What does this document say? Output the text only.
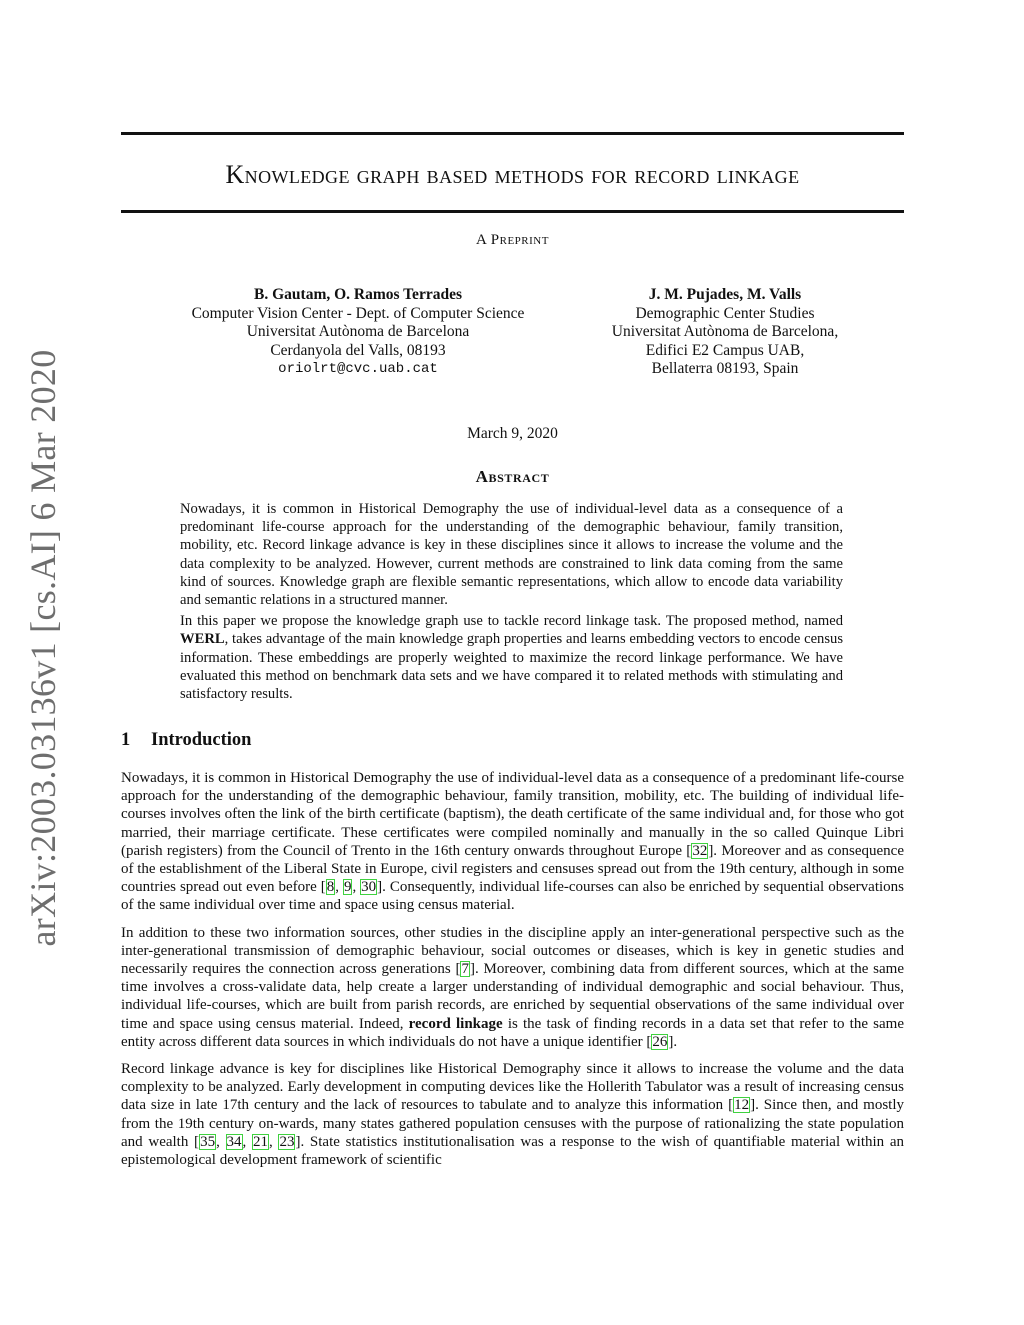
arXiv:2003.03136v1 [cs.AI] 6 Mar 2020
Knowledge graph based methods for record linkage
A Preprint
B. Gautam, O. Ramos Terrades
Computer Vision Center - Dept. of Computer Science
Universitat Autònoma de Barcelona
Cerdanyola del Valls, 08193
oriolrt@cvc.uab.cat
J. M. Pujades, M. Valls
Demographic Center Studies
Universitat Autònoma de Barcelona,
Edifici E2 Campus UAB,
Bellaterra 08193, Spain
March 9, 2020
Abstract

Nowadays, it is common in Historical Demography the use of individual-level data as a consequence of a predominant life-course approach for the understanding of the demographic behaviour, family transition, mobility, etc. Record linkage advance is key in these disciplines since it allows to increase the volume and the data complexity to be analyzed. However, current methods are constrained to link data coming from the same kind of sources. Knowledge graph are flexible semantic representations, which allow to encode data variability and semantic relations in a structured manner.

In this paper we propose the knowledge graph use to tackle record linkage task. The proposed method, named WERL, takes advantage of the main knowledge graph properties and learns embedding vectors to encode census information. These embeddings are properly weighted to maximize the record linkage performance. We have evaluated this method on benchmark data sets and we have compared it to related methods with stimulating and satisfactory results.

1 Introduction

Nowadays, it is common in Historical Demography the use of individual-level data as a consequence of a predominant life-course approach for the understanding of the demographic behaviour, family transition, mobility, etc. The building of individual life-courses involves often the link of the birth certificate (baptism), the death certificate of the same individual and, for those who got married, their marriage certificate. These certificates were compiled nominally and manually in the so called Quinque Libri (parish registers) from the Council of Trento in the 16th century onwards throughout Europe [32]. Moreover and as consequence of the establishment of the Liberal State in Europe, civil registers and censuses spread out from the 19th century, although in some countries spread out even before [8, 9, 30]. Consequently, individual life-courses can also be enriched by sequential observations of the same individual over time and space using census material.

In addition to these two information sources, other studies in the discipline apply an inter-generational perspective such as the inter-generational transmission of demographic behaviour, social outcomes or diseases, which is key in genetic studies and necessarily requires the connection across generations [7]. Moreover, combining data from different sources, which at the same time involves a cross-validate data, help create a larger understanding of individual demographic and social behaviour. Thus, individual life-courses, which are built from parish records, are enriched by sequential observations of the same individual over time and space using census material. Indeed, record linkage is the task of finding records in a data set that refer to the same entity across different data sources in which individuals do not have a unique identifier [26].

Record linkage advance is key for disciplines like Historical Demography since it allows to increase the volume and the data complexity to be analyzed. Early development in computing devices like the Hollerith Tabulator was a result of increasing census data size in late 17th century and the lack of resources to tabulate and to analyze this information [12]. Since then, and mostly from the 19th century on-wards, many states gathered population censuses with the purpose of rationalizing the state population and wealth [35, 34, 21, 23]. State statistics institutionalisation was a response to the wish of quantifiable material within an epistemological development framework of scientific
